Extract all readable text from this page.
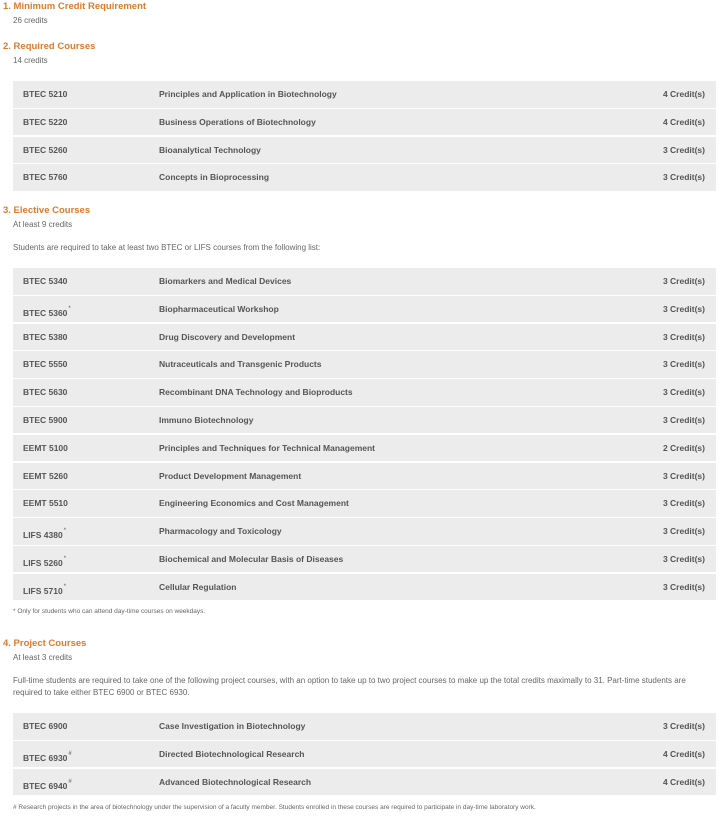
1. Minimum Credit Requirement
26 credits
2. Required Courses
14 credits
BTEC 5210	Principles and Application in Biotechnology	4 Credit(s)
BTEC 5220	Business Operations of Biotechnology	4 Credit(s)
BTEC 5260	Bioanalytical Technology	3 Credit(s)
BTEC 5760	Concepts in Bioprocessing	3 Credit(s)
3. Elective Courses
At least 9 credits
Students are required to take at least two BTEC or LIFS courses from the following list:
BTEC 5340	Biomarkers and Medical Devices	3 Credit(s)
BTEC 5360*	Biopharmaceutical Workshop	3 Credit(s)
BTEC 5380	Drug Discovery and Development	3 Credit(s)
BTEC 5550	Nutraceuticals and Transgenic Products	3 Credit(s)
BTEC 5630	Recombinant DNA Technology and Bioproducts	3 Credit(s)
BTEC 5900	Immuno Biotechnology	3 Credit(s)
EEMT 5100	Principles and Techniques for Technical Management	2 Credit(s)
EEMT 5260	Product Development Management	3 Credit(s)
EEMT 5510	Engineering Economics and Cost Management	3 Credit(s)
LIFS 4380*	Pharmacology and Toxicology	3 Credit(s)
LIFS 5260*	Biochemical and Molecular Basis of Diseases	3 Credit(s)
LIFS 5710*	Cellular Regulation	3 Credit(s)
* Only for students who can attend day-time courses on weekdays.
4. Project Courses
At least 3 credits
Full-time students are required to take one of the following project courses, with an option to take up to two project courses to make up the total credits maximally to 31. Part-time students are required to take either BTEC 6900 or BTEC 6930.
BTEC 6900	Case Investigation in Biotechnology	3 Credit(s)
BTEC 6930#	Directed Biotechnological Research	4 Credit(s)
BTEC 6940#	Advanced Biotechnological Research	4 Credit(s)
# Research projects in the area of biotechnology under the supervision of a faculty member. Students enrolled in these courses are required to participate in day-time laboratory work.
